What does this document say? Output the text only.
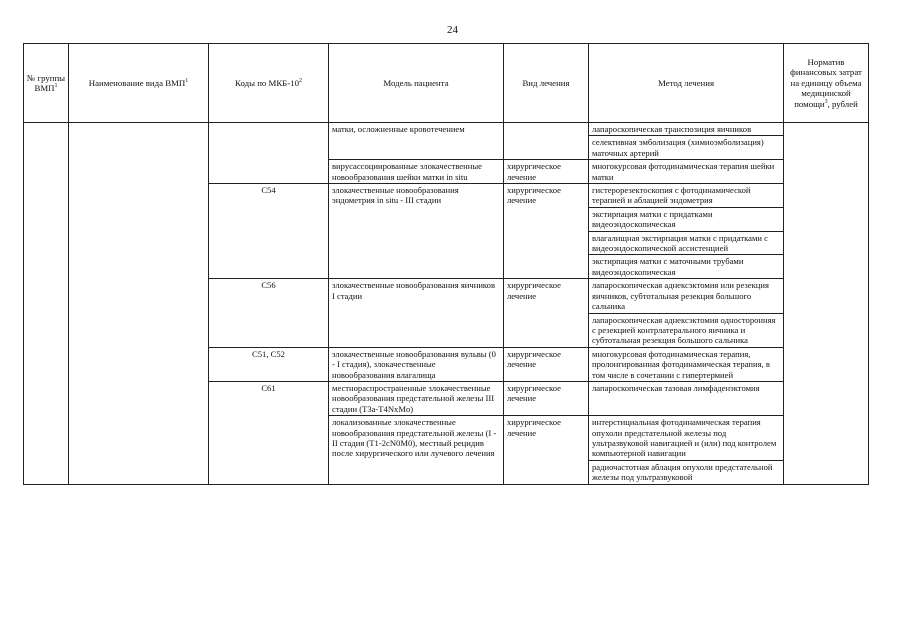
24
№ группы ВМП$^1$	Наименование вида ВМП$^1$	Коды по МКБ-$10^2$	Модель пациента	Вид лечения	Метод лечения	Норматив финансовых затрат на единицу объема медицинской помощи$^3$, рублей
			матки, осложненные кровотечением		лапароскопическая транспозиция яичников	
					селективная эмболизация (химиоэмболизация) маточных артерий	
			вирусассоциированные злокачественные новообразования шейки матки in situ	хирургическое лечение	многокурсовая фотодинамическая терапия шейки матки	
		C54	злокачественные новообразования эндометрия in situ - III стадии	хирургическое лечение	гистерорезектоскопия с фотодинамической терапией и аблацией эндометрия	
					экстирпация матки с придатками видеоэндоскопическая	
					влагалищная экстирпация матки с придатками с видеоэндоскопической ассистенцией	
					экстирпация матки с маточными трубами видеоэндоскопическая	
		C56	злокачественные новообразования яичников I стадии	хирургическое лечение	лапароскопическая аднексэктомия или резекция яичников, субтотальная резекция большого сальника	
					лапароскопическая аднексэктомия односторонняя с резекцией контрлатерального яичника и субтотальная резекция большого сальника	
		C51, C52	злокачественные новообразования вульвы (0 - I стадия), злокачественные новообразования влагалища	хирургическое лечение	многокурсовая фотодинамическая терапия, пролонгированная фотодинамическая терапия, в том числе в сочетании с гипертермией	
		C61	местнораспространенные злокачественные новообразования предстательной железы III стадии (T3a-T4NxMo)	хирургическое лечение	лапароскопическая тазовая лимфаденэктомия	
			локализованные злокачественные новообразования предстательной железы (I - II стадия (T1-2cN0M0), местный рецидив после хирургического или лучевого лечения	хирургическое лечение	интерстициальная фотодинамическая терапия опухоли предстательной железы под ультразвуковой навигацией и (или) под контролем компьютерной навигации	
					радиочастотная аблация опухоли предстательной железы под ультразвуковой	
